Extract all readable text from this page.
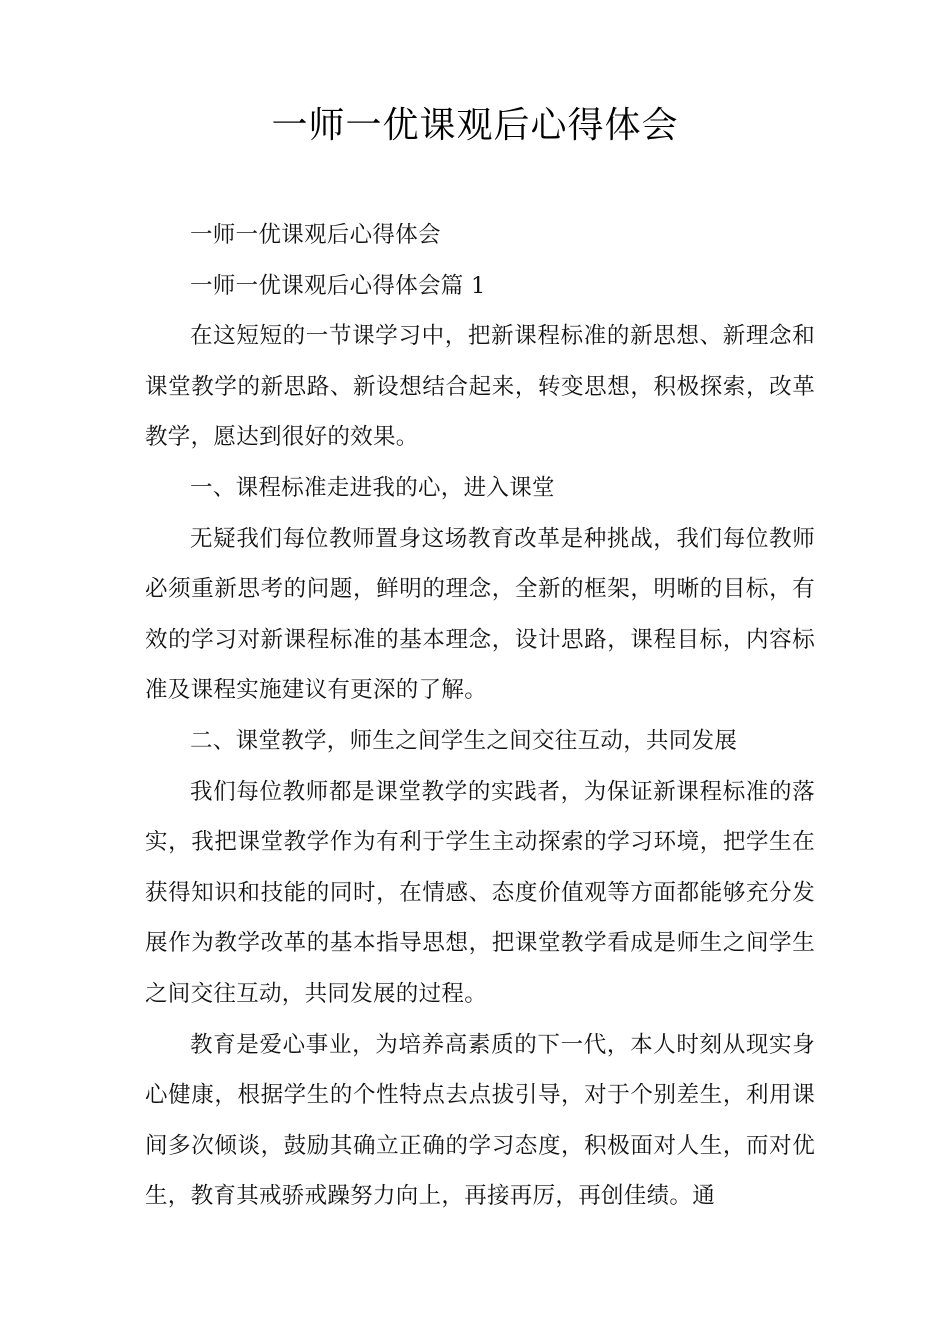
一师一优课观后心得体会

一师一优课观后心得体会

一师一优课观后心得体会篇 1

在这短短的一节课学习中，把新课程标准的新思想、新理念和课堂教学的新思路、新设想结合起来，转变思想，积极探索，改革教学，愿达到很好的效果。

一、课程标准走进我的心，进入课堂

无疑我们每位教师置身这场教育改革是种挑战，我们每位教师必须重新思考的问题，鲜明的理念，全新的框架，明晰的目标，有效的学习对新课程标准的基本理念，设计思路，课程目标，内容标准及课程实施建议有更深的了解。

二、课堂教学，师生之间学生之间交往互动，共同发展

我们每位教师都是课堂教学的实践者，为保证新课程标准的落实，我把课堂教学作为有利于学生主动探索的学习环境，把学生在获得知识和技能的同时，在情感、态度价值观等方面都能够充分发展作为教学改革的基本指导思想，把课堂教学看成是师生之间学生之间交往互动，共同发展的过程。

教育是爱心事业，为培养高素质的下一代，本人时刻从现实身心健康，根据学生的个性特点去点拔引导，对于个别差生，利用课间多次倾谈，鼓励其确立正确的学习态度，积极面对人生，而对优生，教育其戒骄戒躁努力向上，再接再厉，再创佳绩。通
